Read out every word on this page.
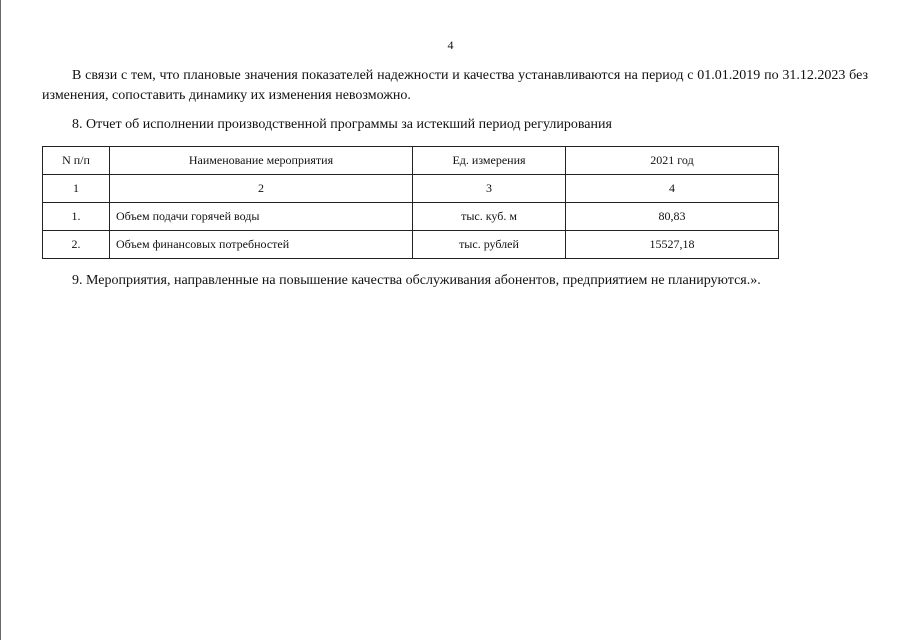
4

В связи с тем, что плановые значения показателей надежности и качества устанавливаются на период с 01.01.2019 по 31.12.2023 без изменения, сопоставить динамику их изменения невозможно.

8. Отчет об исполнении производственной программы за истекший период регулирования

N п/п	Наименование мероприятия	Ед. измерения	2021 год
1	2	3	4
1.	Объем подачи горячей воды	тыс. куб. м	80,83
2.	Объем финансовых потребностей	тыс. рублей	15527,18

9. Мероприятия, направленные на повышение качества обслуживания абонентов, предприятием не планируются.».
